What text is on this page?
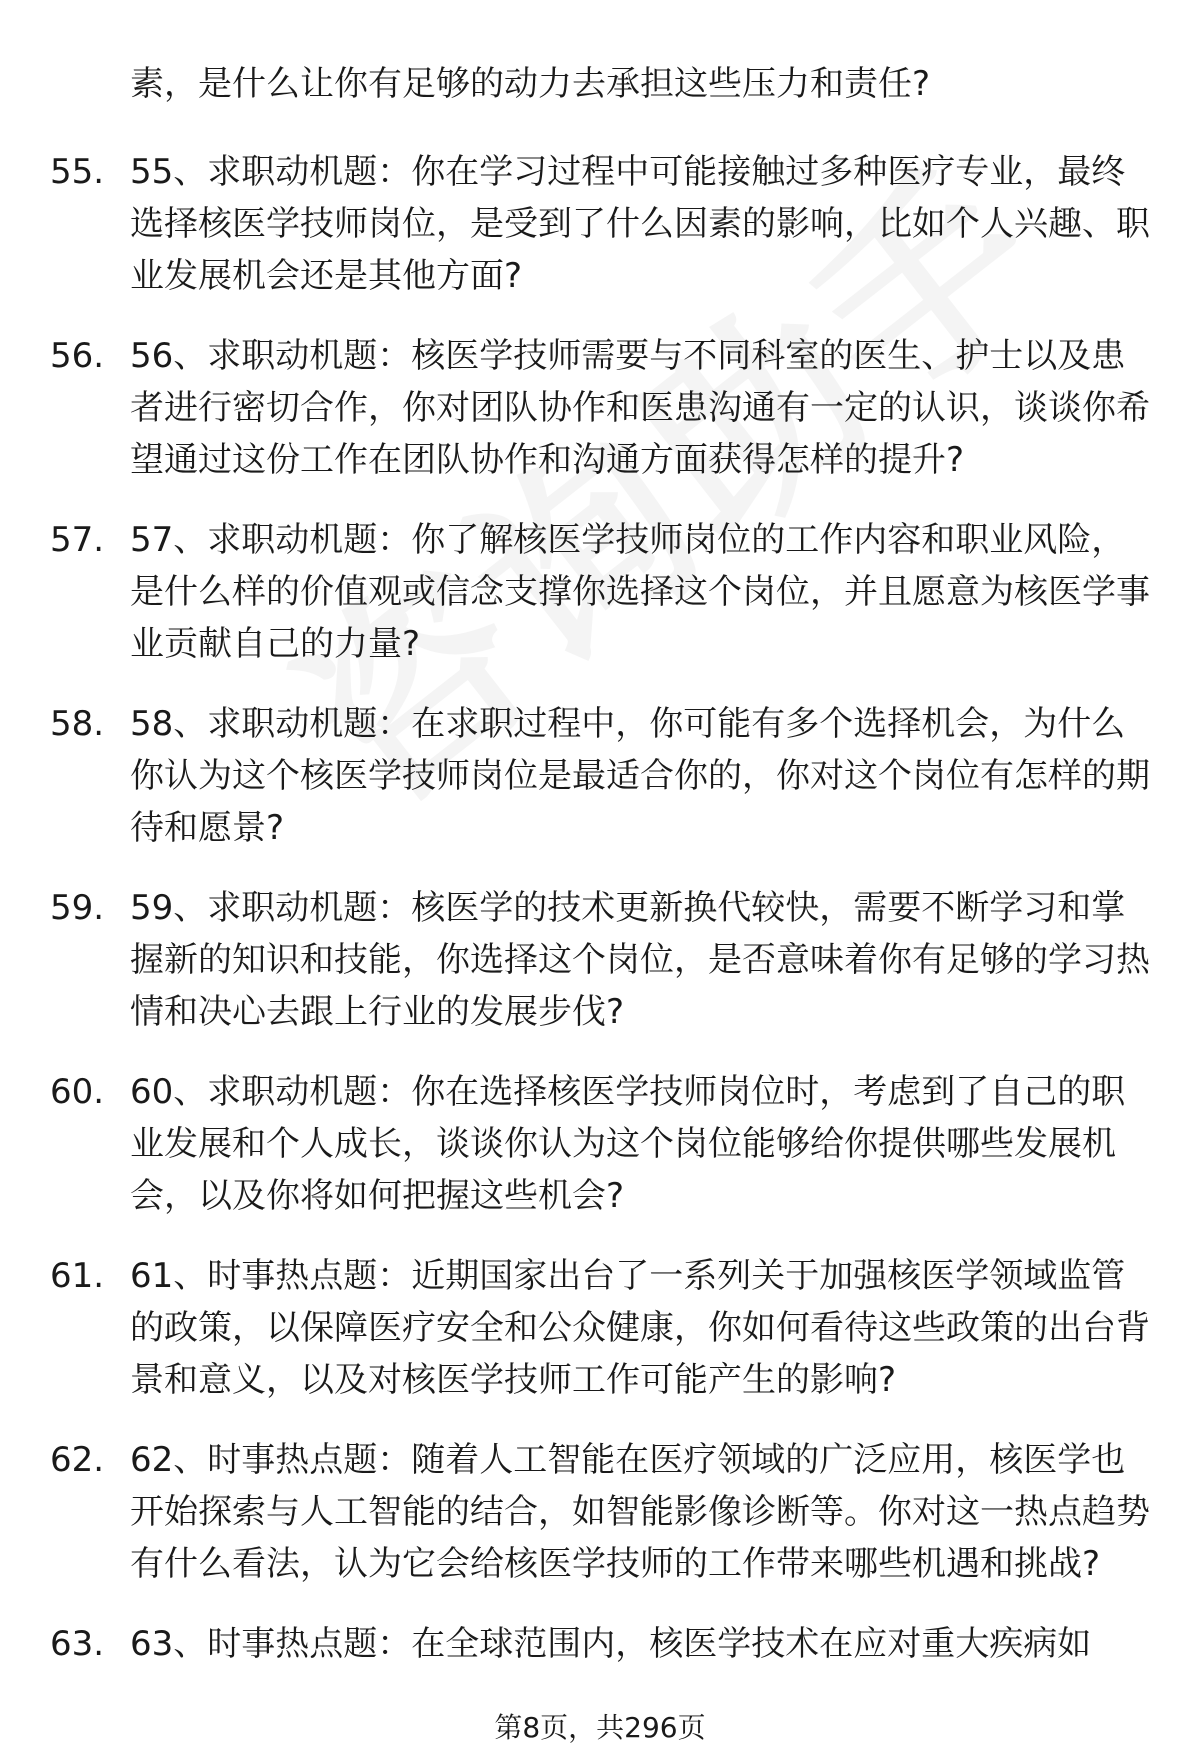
素，是什么让你有足够的动力去承担这些压力和责任?
55. 55、求职动机题：你在学习过程中可能接触过多种医疗专业，最终选择核医学技师岗位，是受到了什么因素的影响，比如个人兴趣、职业发展机会还是其他方面?
56. 56、求职动机题：核医学技师需要与不同科室的医生、护士以及患者进行密切合作，你对团队协作和医患沟通有一定的认识，谈谈你希望通过这份工作在团队协作和沟通方面获得怎样的提升?
57. 57、求职动机题：你了解核医学技师岗位的工作内容和职业风险，是什么样的价值观或信念支撑你选择这个岗位，并且愿意为核医学事业贡献自己的力量?
58. 58、求职动机题：在求职过程中，你可能有多个选择机会，为什么你认为这个核医学技师岗位是最适合你的，你对这个岗位有怎样的期待和愿景?
59. 59、求职动机题：核医学的技术更新换代较快，需要不断学习和掌握新的知识和技能，你选择这个岗位，是否意味着你有足够的学习热情和决心去跟上行业的发展步伐?
60. 60、求职动机题：你在选择核医学技师岗位时，考虑到了自己的职业发展和个人成长，谈谈你认为这个岗位能够给你提供哪些发展机会，以及你将如何把握这些机会?
61. 61、时事热点题：近期国家出台了一系列关于加强核医学领域监管的政策，以保障医疗安全和公众健康，你如何看待这些政策的出台背景和意义，以及对核医学技师工作可能产生的影响?
62. 62、时事热点题：随着人工智能在医疗领域的广泛应用，核医学也开始探索与人工智能的结合，如智能影像诊断等。你对这一热点趋势有什么看法，认为它会给核医学技师的工作带来哪些机遇和挑战?
63. 63、时事热点题：在全球范围内，核医学技术在应对重大疾病如
第8页，共296页
